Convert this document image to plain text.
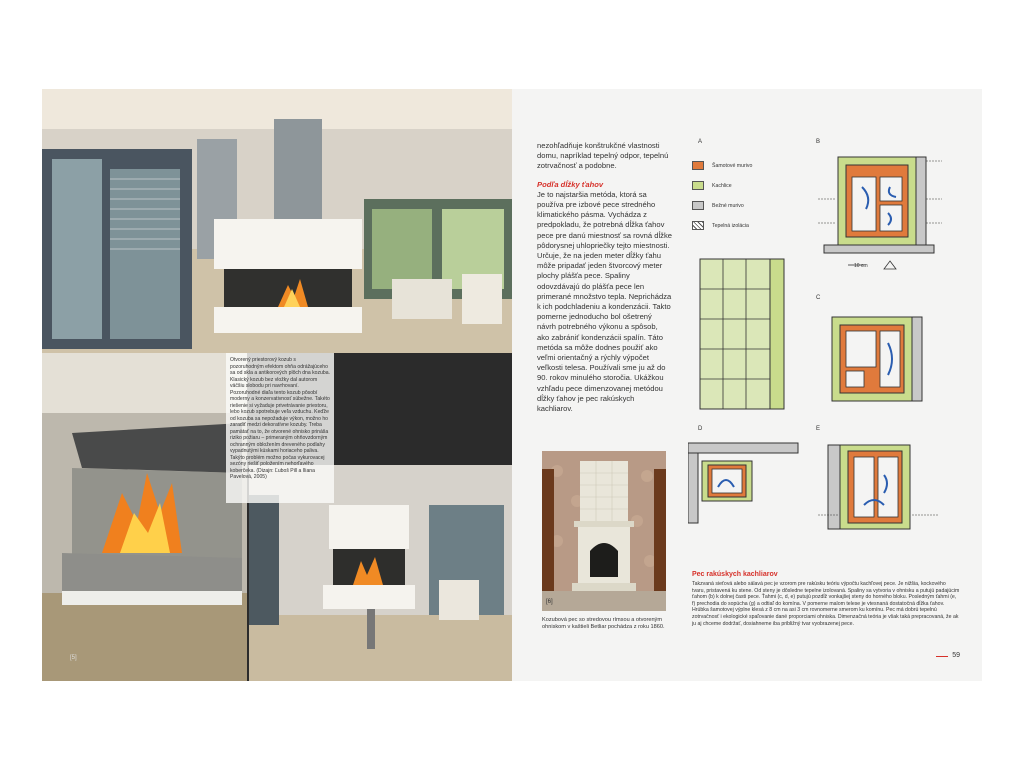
[5]
Otvorený priestorový kozub s pozoruhodným efektom ohňa odrážajúceho sa od skla a antikorových plôch dna kozuba. Klasický kozub bez vložky dal autorom väčšiu slobodu pri navrhovaní. Pozoruhodné diaľa tento kozub pôsobí moderny a konzervativnosť súbežne. Takéto riešenie si vyžaduje privetrávanie priestoru, lebo kozub spotrebuje veľa vzduchu. Keďže od kozuba sa nepožaduje výkon, možno ho zaradiť medzi dekoratívne kozuby. Treba pamätať na to, že otvorené ohnisko prináša riziko požiaru – primeraným ohňovzdorným ochranným obložením dreveného podlahy vypadnutými kúskami horiaceho paliva. Takýto problém možno počas vykurovacej sezóny riešiť položením nehorľavého koberčeka. (Dizajn: Ľuboš Pill a Iliana Pavelová, 2005)

nezohľadňuje konštrukčné vlastnosti domu, napríklad tepelný odpor, tepelnú zotrvačnosť a podobne.

Podľa dĺžky ťahov

Je to najstaršia metóda, ktorá sa používa pre izbové pece stredného klimatického pásma. Vychádza z predpokladu, že potrebná dĺžka ťahov pece pre danú miestnosť sa rovná dĺžke pôdorysnej uhlopriečky tejto miestnosti. Určuje, že na jeden meter dĺžky ťahu môže pripadať jeden štvorcový meter plochy plášťa pece. Spaliny odovzdávajú do plášťa pece len primerané množstvo tepla. Neprichádza k ich podchladeniu a kondenzácii. Takto pomerne jednoducho bol ošetrený návrh potrebného výkonu a spôsob, ako zabrániť kondenzácii spalín. Táto metóda sa môže dodnes použiť ako veľmi orientačný a rýchly výpočet veľkosti telesa. Používali sme ju až do 90. rokov minulého storočia. Ukážkou vzhľadu pece dimenzovanej metódou dĺžky ťahov je pec rakúskych kachliarov.

[6]
Kozubová pec so stredovou rímsou a otvoreným ohniskom v kaštieli Betliar pochádza z roku 1860.
A	B
C
D	E
Šamotové murivo
Kachlice
Bežné murivo
Tepelná izolácia
10 cm
Pec rakúskych kachliarov
Takzvaná sieťová alebo sálavá pec je vzorom pre rakúsku teóriu výpočtu kachľovej pece. Je nižšia, kockového tvaru, pristavená ku stene. Od steny je dôsledne tepelne izolovaná. Spaliny sa vytvoria v ohnisku a putujú padajúcim ťahom (b) k dolnej časti pece. Ťahmi (c, d, e) putujú pozdĺž vonkajšej steny do horného bloku. Posledným ťahmi (e, f) prechodia do sopúcha (g) a odtiaľ do komína. V pomerne malom telese je vtesnaná dostatočná dĺžka ťahov. Hrúbka šamotovej výplne klesá z 8 cm na asi 3 cm rovnomerne smerom ku komínu. Pec má dobrú tepelnú zotrvačnosť i ekologické spaľovanie dané proporciami ohniska. Dimenzačná teória je však taká prepracovaná, že ak ju aj chceme dodržať, dosiahneme iba približný tvar vyobrazenej pece.
59
